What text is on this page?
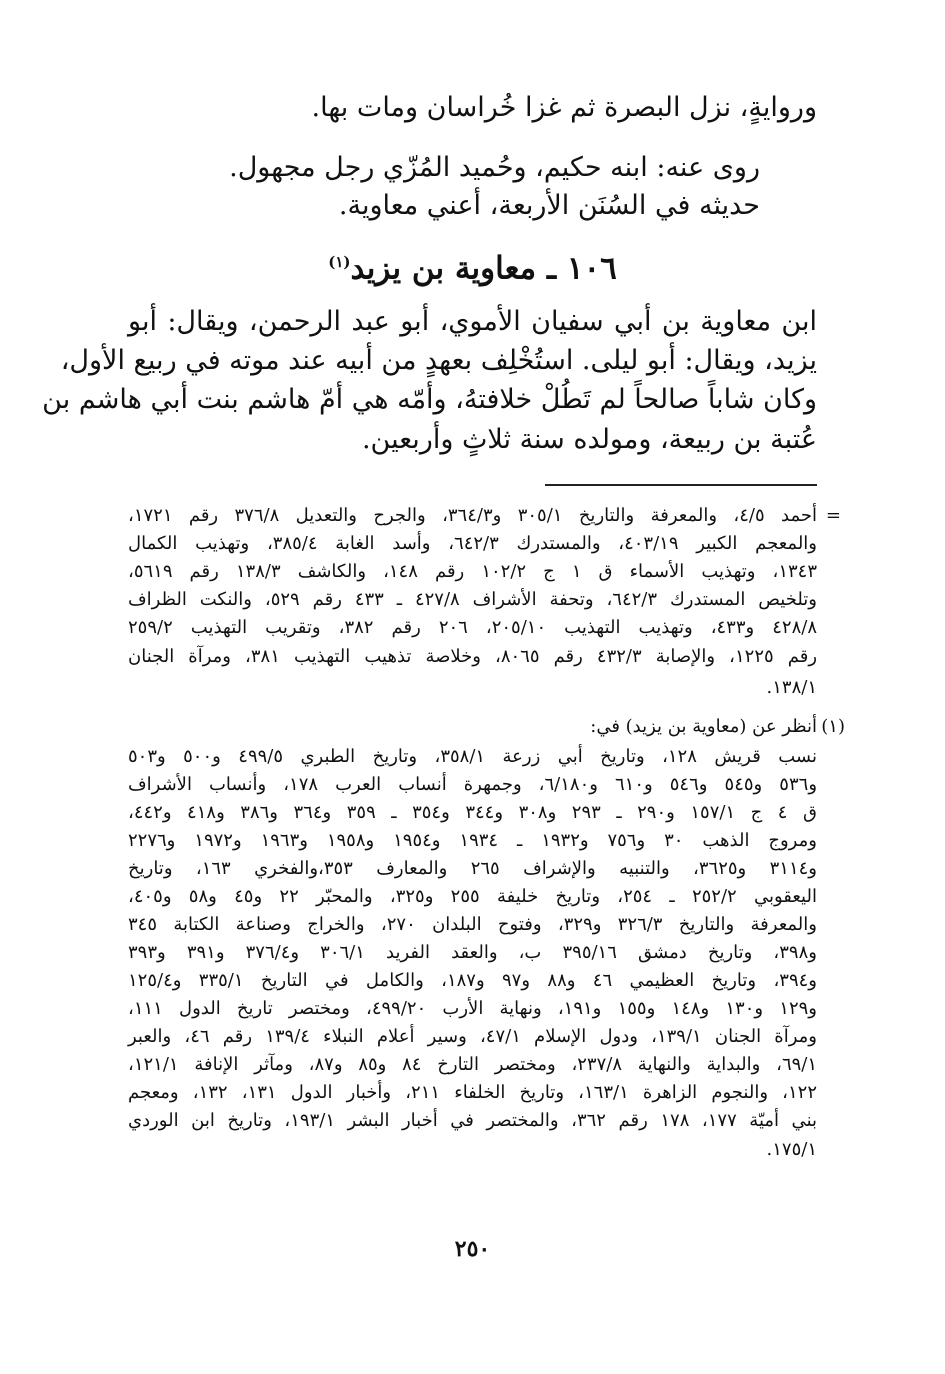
وروايةٍ، نزل البصرة ثم غزا خُراسان ومات بها.
روى عنه: ابنه حكيم، وحُميد المُزّي رجل مجهول.
حديثه في السُنَن الأربعة، أعني معاوية.
١٠٦ ـ معاوية بن يزيد$^{(١)}$
ابن معاوية بن أبي سفيان الأموي، أبو عبد الرحمن، ويقال: أبو
يزيد، ويقال: أبو ليلى. استُخْلِف بعهدٍ من أبيه عند موته في ربيع الأول،
وكان شاباً صالحاً لم تَطُلْ خلافتهُ، وأمّه هي أمّ هاشم بنت أبي هاشم بن
عُتبة بن ربيعة، ومولده سنة ثلاثٍ وأربعين.
=
أحمد ٤/٥، والمعرفة والتاريخ ٣٠٥/١ و٣٦٤/٣، والجرح والتعديل ٣٧٦/٨ رقم ١٧٢١،
والمعجم الكبير ٤٠٣/١٩، والمستدرك ٦٤٢/٣، وأسد الغابة ٣٨٥/٤، وتهذيب الكمال
١٣٤٣، وتهذيب الأسماء ق ١ ج ١٠٢/٢ رقم ١٤٨، والكاشف ١٣٨/٣ رقم ٥٦١٩،
وتلخيص المستدرك ٦٤٢/٣، وتحفة الأشراف ٤٢٧/٨ ـ ٤٣٣ رقم ٥٢٩، والنكت الظراف
٤٢٨/٨ و٤٣٣، وتهذيب التهذيب ٢٠٥/١٠، ٢٠٦ رقم ٣٨٢، وتقريب التهذيب ٢٥٩/٢
رقم ١٢٢٥، والإصابة ٤٣٢/٣ رقم ٨٠٦٥، وخلاصة تذهيب التهذيب ٣٨١، ومرآة الجنان
١٣٨/١.
(١)
أنظر عن (معاوية بن يزيد) في:
نسب قريش ١٢٨، وتاريخ أبي زرعة ٣٥٨/١، وتاريخ الطبري ٤٩٩/٥ و٥٠٠ و٥٠٣
و٥٣٦ و٥٤٥ و٥٤٦ و٦١٠ و٦/١٨٠، وجمهرة أنساب العرب ١٧٨، وأنساب الأشراف
ق ٤ ج ١٥٧/١ و٢٩٠ ـ ٢٩٣ و٣٠٨ و٣٤٤ و٣٥٤ ـ ٣٥٩ و٣٦٤ و٣٨٦ و٤١٨ و٤٤٢،
ومروج الذهب ٣٠ و٧٥٦ و١٩٣٢ ـ ١٩٣٤ و١٩٥٤ و١٩٥٨ و١٩٦٣ و١٩٧٢ و٢٢٧٦
و٣١١٤ و٣٦٢٥، والتنبيه والإشراف ٢٦٥ والمعارف ٣٥٣،والفخري ١٦٣، وتاريخ
اليعقوبي ٢٥٢/٢ ـ ٢٥٤، وتاريخ خليفة ٢٥٥ و٣٢٥، والمحبّر ٢٢ و٤٥ و٥٨ و٤٠٥،
والمعرفة والتاريخ ٣٢٦/٣ و٣٢٩، وفتوح البلدان ٢٧٠، والخراج وصناعة الكتابة ٣٤٥
و٣٩٨، وتاريخ دمشق ٣٩٥/١٦ ب، والعقد الفريد ٣٠٦/١ و٣٧٦/٤ و٣٩١ و٣٩٣
و٣٩٤، وتاريخ العظيمي ٤٦ و٨٨ و٩٧ و١٨٧، والكامل في التاريخ ٣٣٥/١ و١٢٥/٤
و١٢٩ و١٣٠ و١٤٨ و١٥٥ و١٩١، ونهاية الأرب ٤٩٩/٢٠، ومختصر تاريخ الدول ١١١،
ومرآة الجنان ١٣٩/١، ودول الإسلام ٤٧/١، وسير أعلام النبلاء ١٣٩/٤ رقم ٤٦، والعبر
٦٩/١، والبداية والنهاية ٢٣٧/٨، ومختصر التارخ ٨٤ و٨٥ و٨٧، ومآثر الإنافة ١٢١/١،
١٢٢، والنجوم الزاهرة ١٦٣/١، وتاريخ الخلفاء ٢١١، وأخبار الدول ١٣١، ١٣٢، ومعجم
بني أميّة ١٧٧، ١٧٨ رقم ٣٦٢، والمختصر في أخبار البشر ١٩٣/١، وتاريخ ابن الوردي
١٧٥/١.
٢٥٠
